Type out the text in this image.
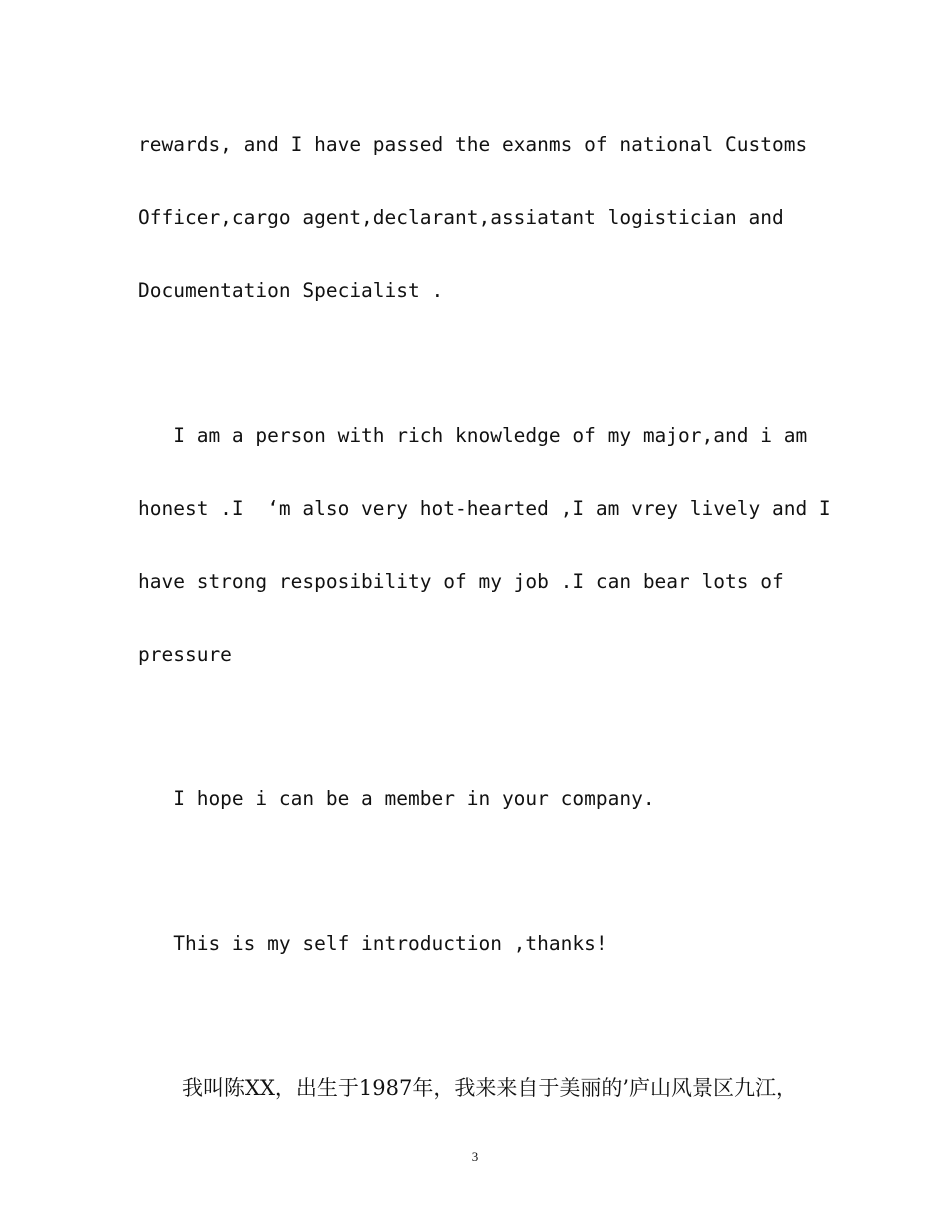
rewards, and I have passed the exanms of national Customs
Officer,cargo agent,declarant,assiatant logistician and
Documentation Specialist .
I am a person with rich knowledge of my major,and i am
honest .I  ‘m also very hot-hearted ,I am vrey lively and I
have strong resposibility of my job .I can bear lots of
pressure
I hope i can be a member in your company.
This is my self introduction ,thanks!
我叫陈XX，出生于1987年，我来来自于美丽的’庐山风景区九江，
3
